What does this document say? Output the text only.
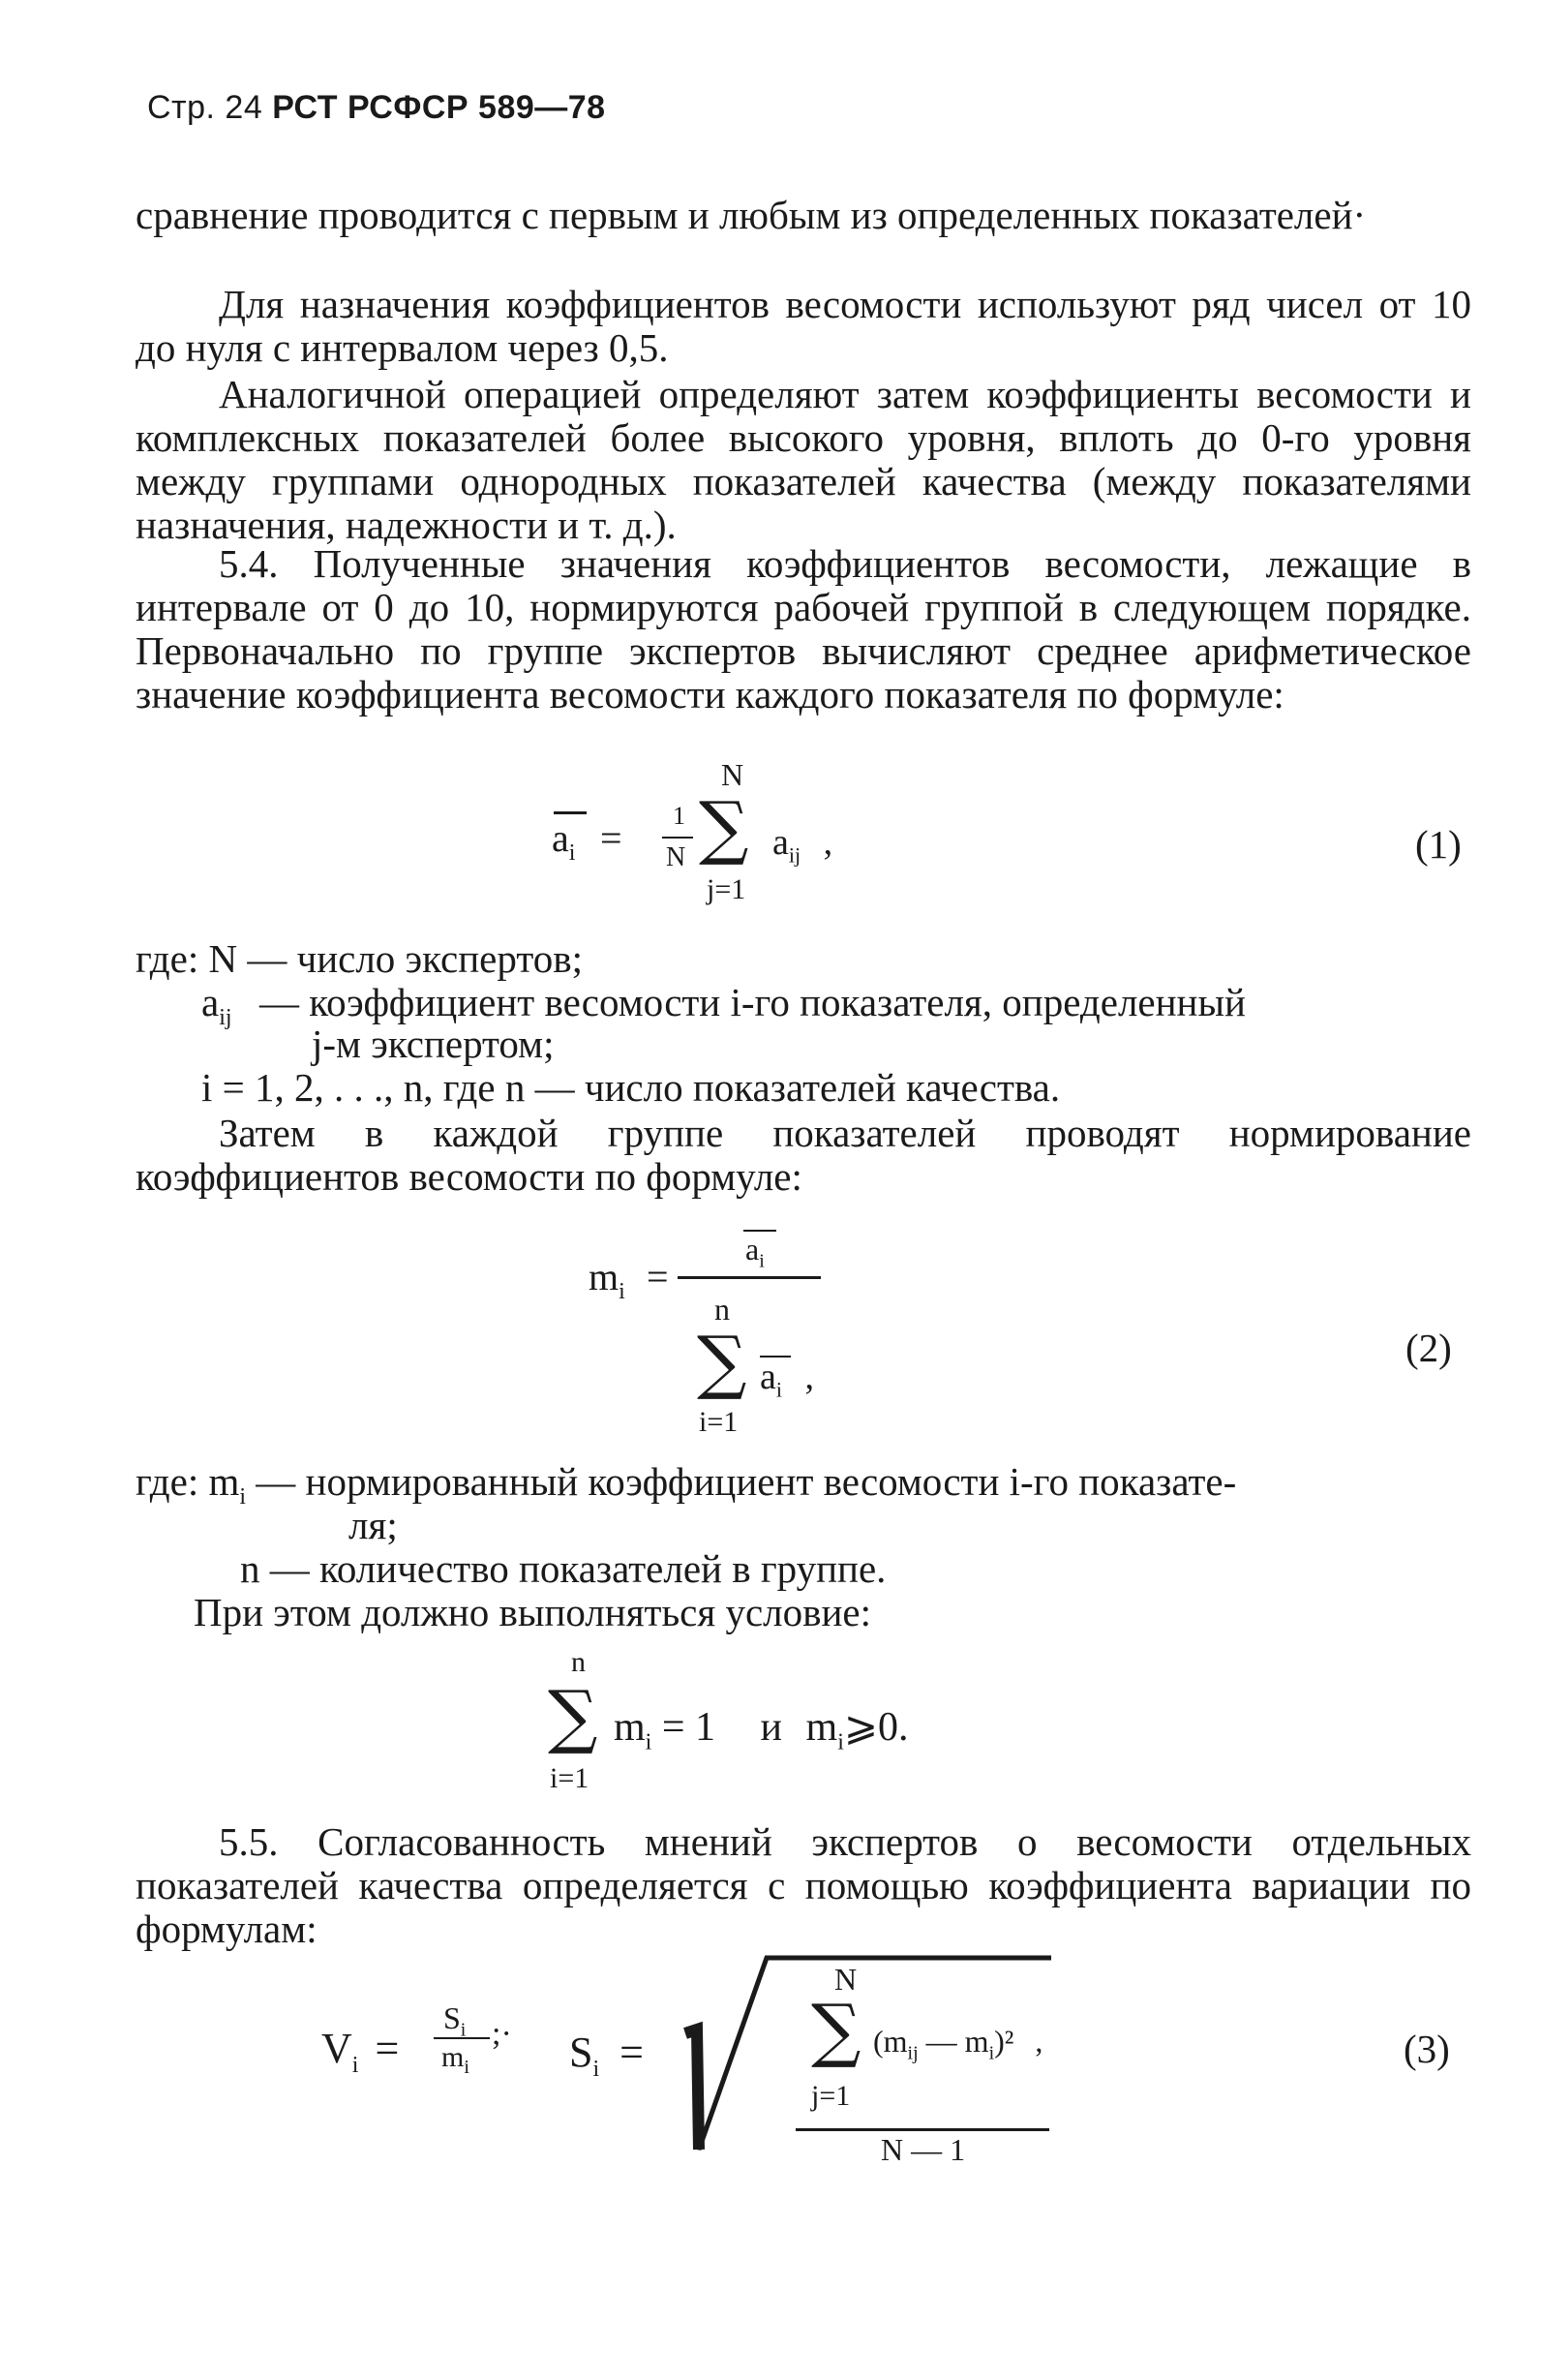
Стр. 24 РСТ РСФСР 589—78
сравнение проводится с первым и любым из определенных показателей·
Для назначения коэффициентов весомости используют ряд чисел от 10 до нуля с интервалом через 0,5.
Аналогичной операцией определяют затем коэффициенты весомости и комплексных показателей более высокого уровня, вплоть до 0-го уровня между группами однородных показателей качества (между показателями назначения, надежности и т. д.).
5.4. Полученные значения коэффициентов весомости, лежащие в интервале от 0 до 10, нормируются рабочей группой в следующем порядке. Первоначально по группе экспертов вычисляют среднее арифметическое значение коэффициента весомости каждого показателя по формуле:
$a_i$ =
1
N
N
∑
j=1
$a_{ij}$ ,	(1)
где: N — число экспертов;
$a_{ij}$ — коэффициент весомости i-го показателя, определенный
j-м экспертом;
i = 1, 2, . . ., n, где n — число показателей качества.
Затем в каждой группе показателей проводят нормирование коэффициентов весомости по формуле:
$m_i$ =
$a_i$
n
∑ $a_i$ ,
i=1
(2)
где: $m_i$ — нормированный коэффициент весомости i-го показате-
ля;
n — количество показателей в группе.
При этом должно выполняться условие:
n
∑
i=1
$m_i = 1$ и $m_i⩾0$.
5.5. Согласованность мнений экспертов о весомости отдельных показателей качества определяется с помощью коэффициента вариации по формулам:
$V_i$ =
$S_i$
$m_i$
;· $S_i$ =
N
∑ ($m_{ij}$ — $m_i)^2$ ,
j=1
N — 1
(3)
